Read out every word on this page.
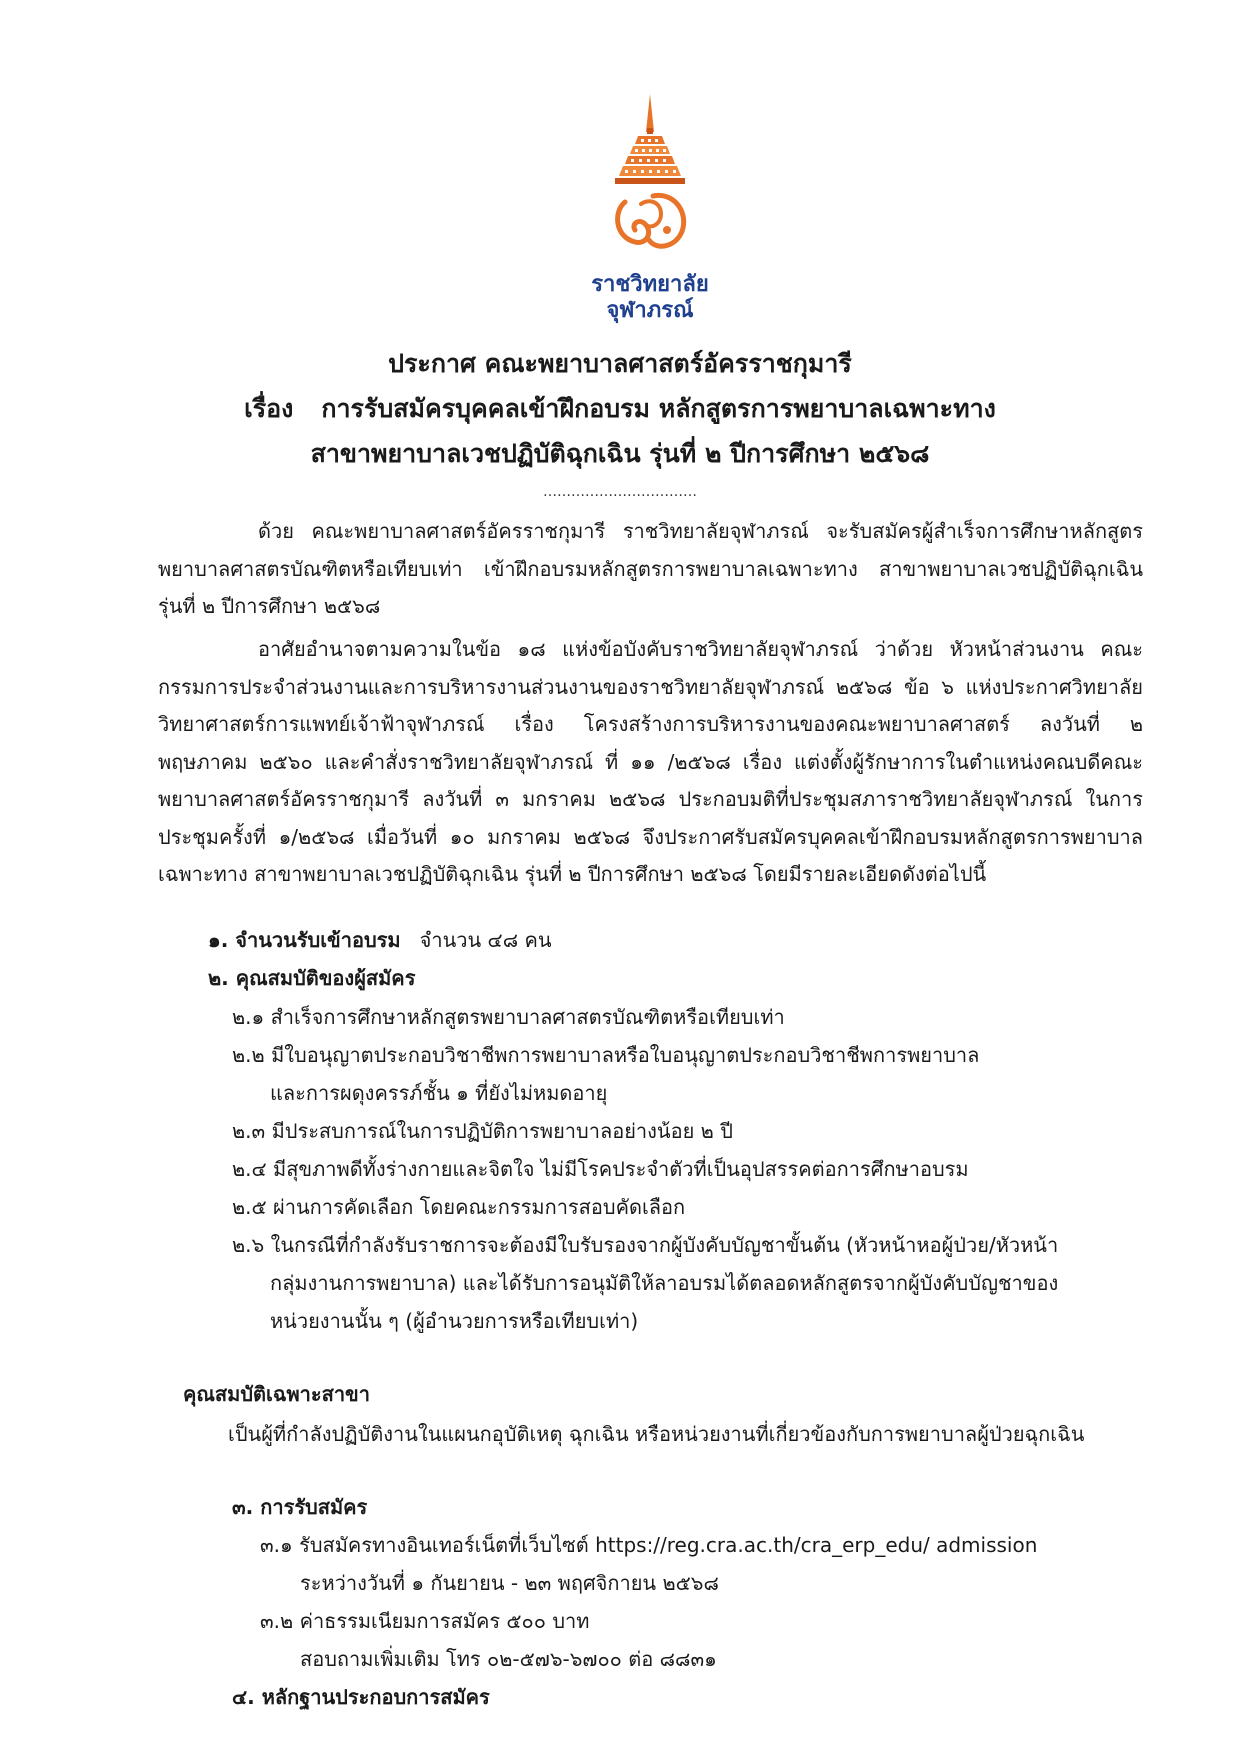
ราชวิทยาลัย
จุฬาภรณ์
ประกาศ คณะพยาบาลศาสตร์อัครราชกุมารี
เรื่อง การรับสมัครบุคคลเข้าฝึกอบรม หลักสูตรการพยาบาลเฉพาะทาง
สาขาพยาบาลเวชปฏิบัติฉุกเฉิน รุ่นที่ ๒ ปีการศึกษา ๒๕๖๘
……………………………
ด้วย คณะพยาบาลศาสตร์อัครราชกุมารี ราชวิทยาลัยจุฬาภรณ์ จะรับสมัครผู้สำเร็จการศึกษาหลักสูตรพยาบาลศาสตรบัณฑิตหรือเทียบเท่า เข้าฝึกอบรมหลักสูตรการพยาบาลเฉพาะทาง สาขาพยาบาลเวชปฏิบัติฉุกเฉิน รุ่นที่ ๒ ปีการศึกษา ๒๕๖๘
อาศัยอำนาจตามความในข้อ ๑๘ แห่งข้อบังคับราชวิทยาลัยจุฬาภรณ์ ว่าด้วย หัวหน้าส่วนงาน คณะกรรมการประจำส่วนงานและการบริหารงานส่วนงานของราชวิทยาลัยจุฬาภรณ์ ๒๕๖๘ ข้อ ๖ แห่งประกาศวิทยาลัยวิทยาศาสตร์การแพทย์เจ้าฟ้าจุฬาภรณ์ เรื่อง โครงสร้างการบริหารงานของคณะพยาบาลศาสตร์ ลงวันที่ ๒ พฤษภาคม ๒๕๖๐ และคำสั่งราชวิทยาลัยจุฬาภรณ์ ที่ ๑๑ /๒๕๖๘ เรื่อง แต่งตั้งผู้รักษาการในตำแหน่งคณบดีคณะพยาบาลศาสตร์อัครราชกุมารี ลงวันที่ ๓ มกราคม ๒๕๖๘ ประกอบมติที่ประชุมสภาราชวิทยาลัยจุฬาภรณ์ ในการประชุมครั้งที่ ๑/๒๕๖๘ เมื่อวันที่ ๑๐ มกราคม ๒๕๖๘ จึงประกาศรับสมัครบุคคลเข้าฝึกอบรมหลักสูตรการพยาบาลเฉพาะทาง สาขาพยาบาลเวชปฏิบัติฉุกเฉิน รุ่นที่ ๒ ปีการศึกษา ๒๕๖๘ โดยมีรายละเอียดดังต่อไปนี้
๑. จำนวนรับเข้าอบรม จำนวน ๔๘ คน
๒. คุณสมบัติของผู้สมัคร
๒.๑ สำเร็จการศึกษาหลักสูตรพยาบาลศาสตรบัณฑิตหรือเทียบเท่า
๒.๒ มีใบอนุญาตประกอบวิชาชีพการพยาบาลหรือใบอนุญาตประกอบวิชาชีพการพยาบาล
และการผดุงครรภ์ชั้น ๑ ที่ยังไม่หมดอายุ
๒.๓ มีประสบการณ์ในการปฏิบัติการพยาบาลอย่างน้อย ๒ ปี
๒.๔ มีสุขภาพดีทั้งร่างกายและจิตใจ ไม่มีโรคประจำตัวที่เป็นอุปสรรคต่อการศึกษาอบรม
๒.๕ ผ่านการคัดเลือก โดยคณะกรรมการสอบคัดเลือก
๒.๖ ในกรณีที่กำลังรับราชการจะต้องมีใบรับรองจากผู้บังคับบัญชาขั้นต้น (หัวหน้าหอผู้ป่วย/หัวหน้า
กลุ่มงานการพยาบาล) และได้รับการอนุมัติให้ลาอบรมได้ตลอดหลักสูตรจากผู้บังคับบัญชาของ
หน่วยงานนั้น ๆ (ผู้อำนวยการหรือเทียบเท่า)
คุณสมบัติเฉพาะสาขา
เป็นผู้ที่กำลังปฏิบัติงานในแผนกอุบัติเหตุ ฉุกเฉิน หรือหน่วยงานที่เกี่ยวข้องกับการพยาบาลผู้ป่วยฉุกเฉิน
๓. การรับสมัคร
๓.๑ รับสมัครทางอินเทอร์เน็ตที่เว็บไซต์ https://reg.cra.ac.th/cra_erp_edu/ admission
ระหว่างวันที่ ๑ กันยายน - ๒๓ พฤศจิกายน ๒๕๖๘
๓.๒ ค่าธรรมเนียมการสมัคร ๕๐๐ บาท
สอบถามเพิ่มเติม โทร ๐๒-๕๗๖-๖๗๐๐ ต่อ ๘๘๓๑
๔. หลักฐานประกอบการสมัคร
